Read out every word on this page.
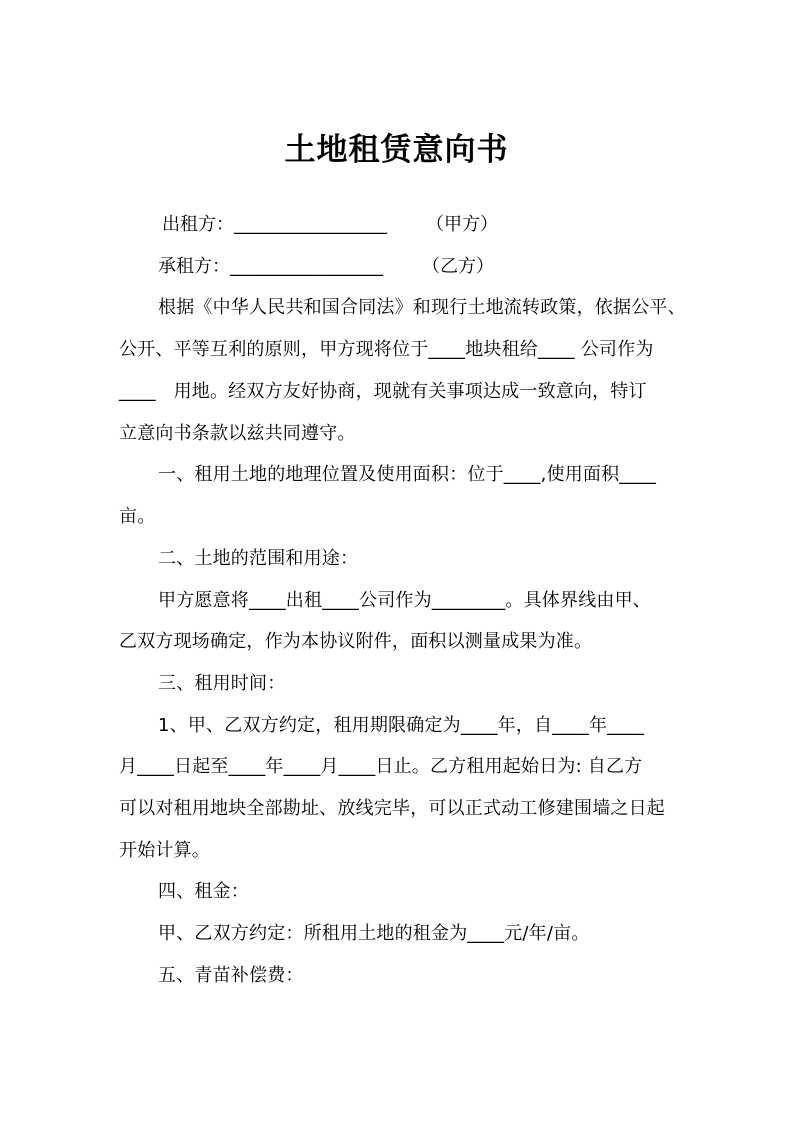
土地租赁意向书
出租方： _________________ （甲方）
承租方： _________________ （乙方）
根据《中华人民共和国合同法》和现行土地流转政策，依据公平、
公开、平等互利的原则，甲方现将位于____地块租给____ 公司作为
____   用地。经双方友好协商，现就有关事项达成一致意向，特订
立意向书条款以兹共同遵守。
一、租用土地的地理位置及使用面积：位于____,使用面积____
亩。
二、土地的范围和用途：
甲方愿意将____出租____公司作为________。具体界线由甲、
乙双方现场确定，作为本协议附件，面积以测量成果为准。
三、租用时间：
1、甲、乙双方约定，租用期限确定为____年，自____年____
月____日起至____年____月____日止。乙方租用起始日为: 自乙方
可以对租用地块全部勘址、放线完毕，可以正式动工修建围墙之日起
开始计算。
四、租金：
甲、乙双方约定：所租用土地的租金为____元/年/亩。
五、青苗补偿费：
